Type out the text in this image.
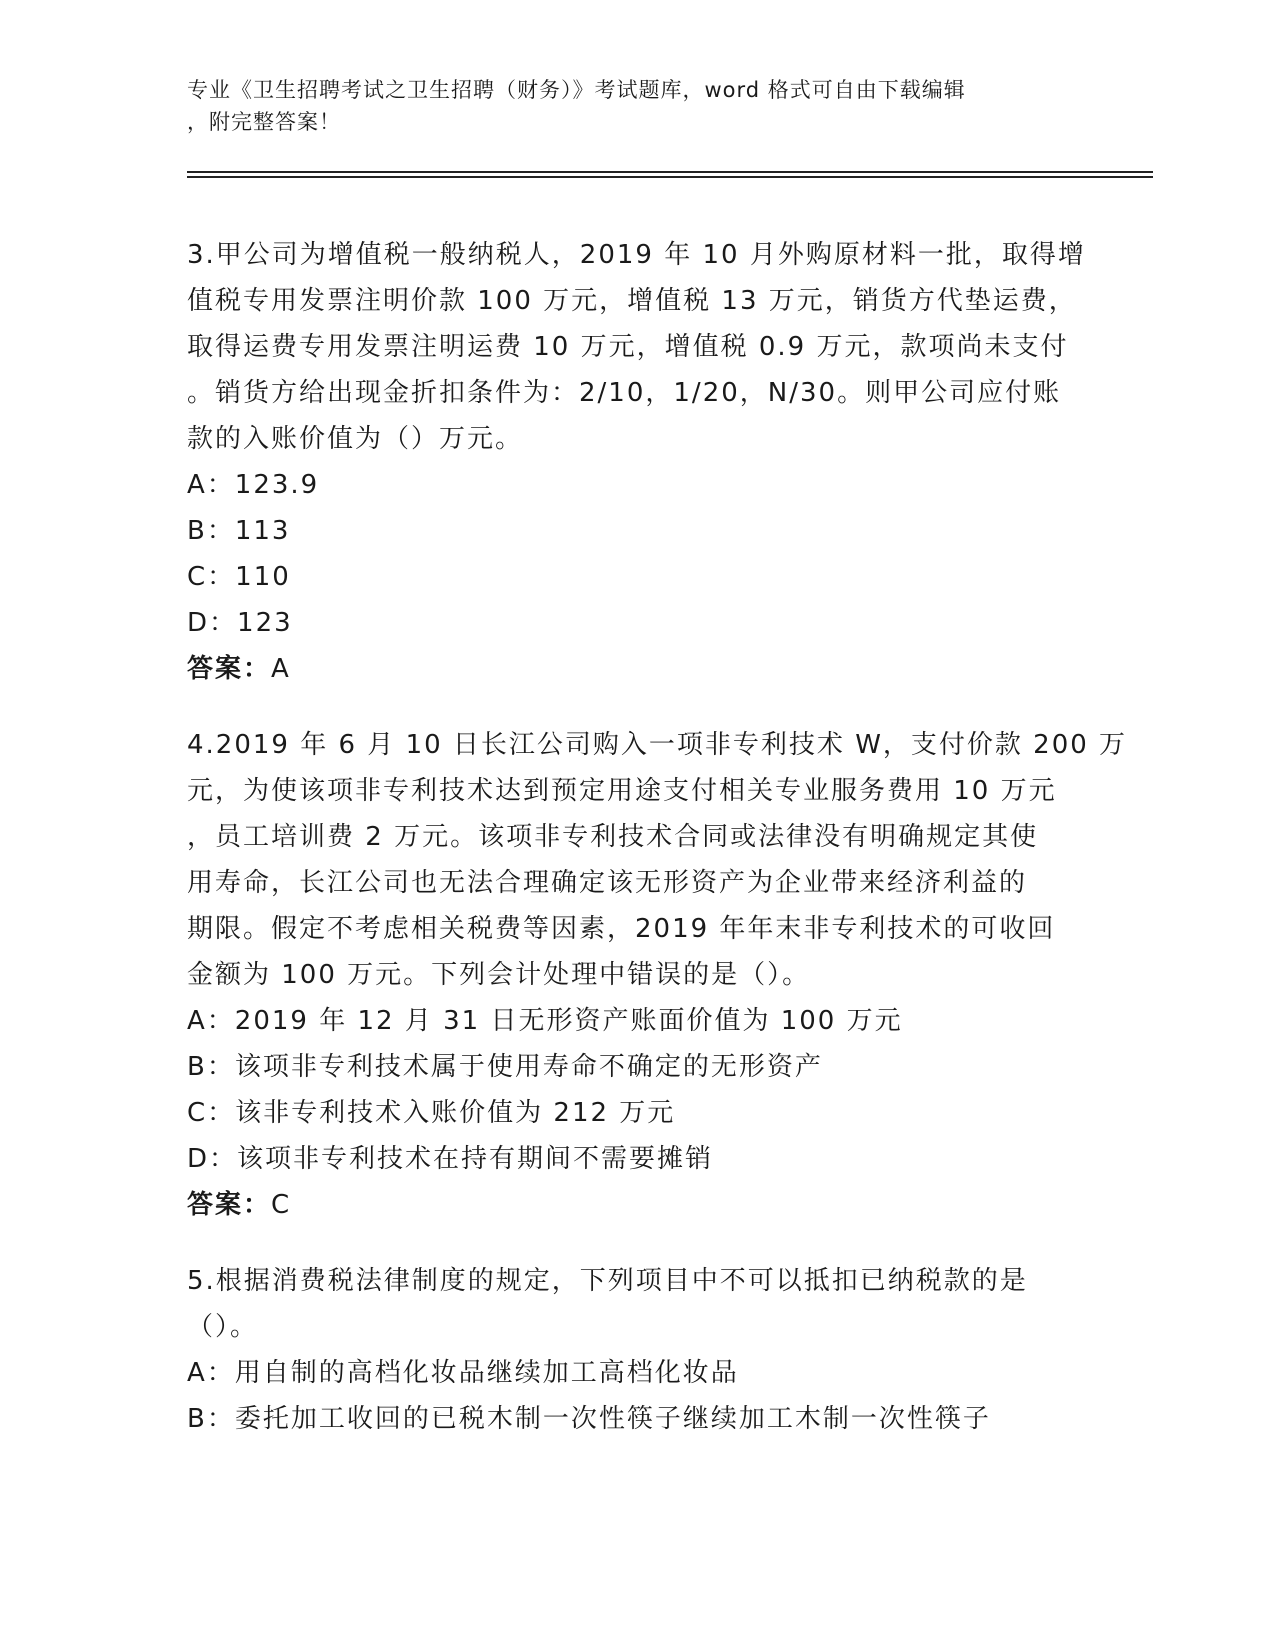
专业《卫生招聘考试之卫生招聘（财务）》考试题库，word 格式可自由下载编辑
，附完整答案！
3.甲公司为增值税一般纳税人，2019 年 10 月外购原材料一批，取得增
值税专用发票注明价款 100 万元，增值税 13 万元，销货方代垫运费，
取得运费专用发票注明运费 10 万元，增值税 0.9 万元，款项尚未支付
。销货方给出现金折扣条件为：2/10，1/20，N/30。则甲公司应付账
款的入账价值为（）万元。
A：123.9
B：113
C：110
D：123
答案：A
4.2019 年 6 月 10 日长江公司购入一项非专利技术 W，支付价款 200 万
元，为使该项非专利技术达到预定用途支付相关专业服务费用 10 万元
，员工培训费 2 万元。该项非专利技术合同或法律没有明确规定其使
用寿命，长江公司也无法合理确定该无形资产为企业带来经济利益的
期限。假定不考虑相关税费等因素，2019 年年末非专利技术的可收回
金额为 100 万元。下列会计处理中错误的是（）。
A：2019 年 12 月 31 日无形资产账面价值为 100 万元
B：该项非专利技术属于使用寿命不确定的无形资产
C：该非专利技术入账价值为 212 万元
D：该项非专利技术在持有期间不需要摊销
答案：C
5.根据消费税法律制度的规定，下列项目中不可以抵扣已纳税款的是
（）。
A：用自制的高档化妆品继续加工高档化妆品
B：委托加工收回的已税木制一次性筷子继续加工木制一次性筷子
